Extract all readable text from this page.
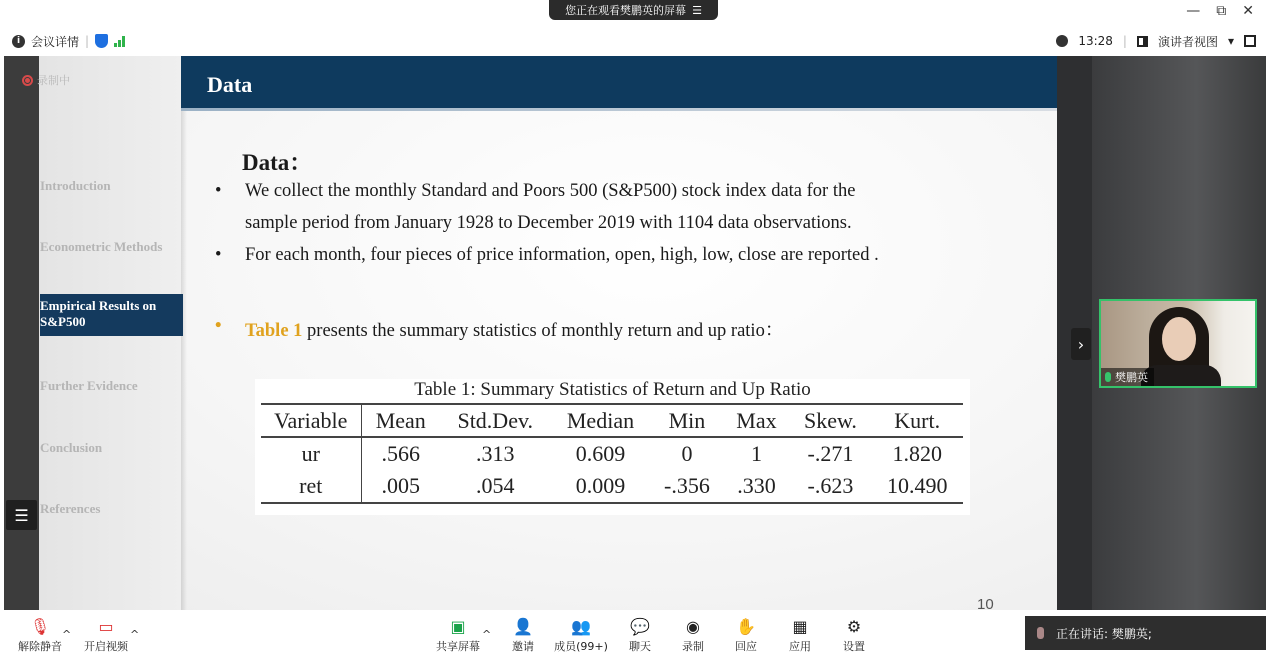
您正在观看樊鹏英的屏幕 ☰	— ⧉ ✕
i 会议详情 |	13:28 |	演讲者视图 ▾
Introduction
Econometric Methods
Empirical Results on S&P500
Further Evidence
Conclusion
References
Data
Data：
• We collect the monthly Standard and Poors 500 (S&P500) stock index data for the
sample period from January 1928 to December 2019 with 1104 data observations.
• For each month, four pieces of price information, open, high, low, close are reported .
• Table 1 presents the summary statistics of monthly return and up ratio：
Table 1: Summary Statistics of Return and Up Ratio
Variable	Mean	Std.Dev.	Median	Min	Max	Skew.	Kurt.
ur	.566	.313	0.609	0	1	-.271	1.820
ret	.005	.054	0.009	-.356	.330	-.623	10.490
10
录制中
☰
›
樊鹏英
🎙
解除静音
^ ▭
开启视频
^	▣
共享屏幕
^ 👤
邀请
👥
成员(99+)
💬
聊天
◉
录制
✋
回应
▦
应用
⚙
设置
正在讲话: 樊鹏英;
